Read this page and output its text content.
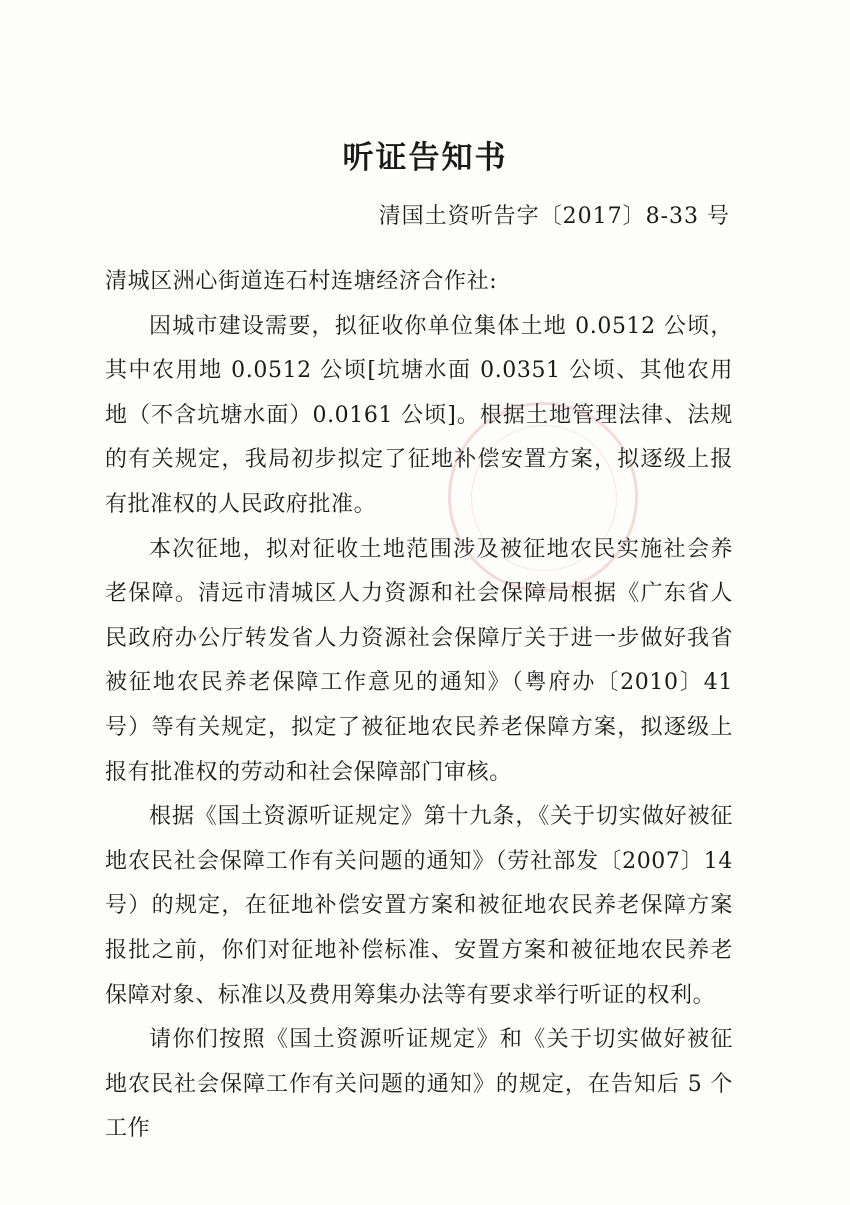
听证告知书
清国土资听告字〔2017〕8-33 号

清城区洲心街道连石村连塘经济合作社:

因城市建设需要，拟征收你单位集体土地 0.0512 公顷，其中农用地 0.0512 公顷[坑塘水面 0.0351 公顷、其他农用地（不含坑塘水面）0.0161 公顷]。根据土地管理法律、法规的有关规定，我局初步拟定了征地补偿安置方案，拟逐级上报有批准权的人民政府批准。

本次征地，拟对征收土地范围涉及被征地农民实施社会养老保障。清远市清城区人力资源和社会保障局根据《广东省人民政府办公厅转发省人力资源社会保障厅关于进一步做好我省被征地农民养老保障工作意见的通知》（粤府办〔2010〕41 号）等有关规定，拟定了被征地农民养老保障方案，拟逐级上报有批准权的劳动和社会保障部门审核。

根据《国土资源听证规定》第十九条，《关于切实做好被征地农民社会保障工作有关问题的通知》（劳社部发〔2007〕14 号）的规定，在征地补偿安置方案和被征地农民养老保障方案报批之前，你们对征地补偿标准、安置方案和被征地农民养老保障对象、标准以及费用筹集办法等有要求举行听证的权利。

请你们按照《国土资源听证规定》和《关于切实做好被征地农民社会保障工作有关问题的通知》的规定，在告知后 5 个工作
